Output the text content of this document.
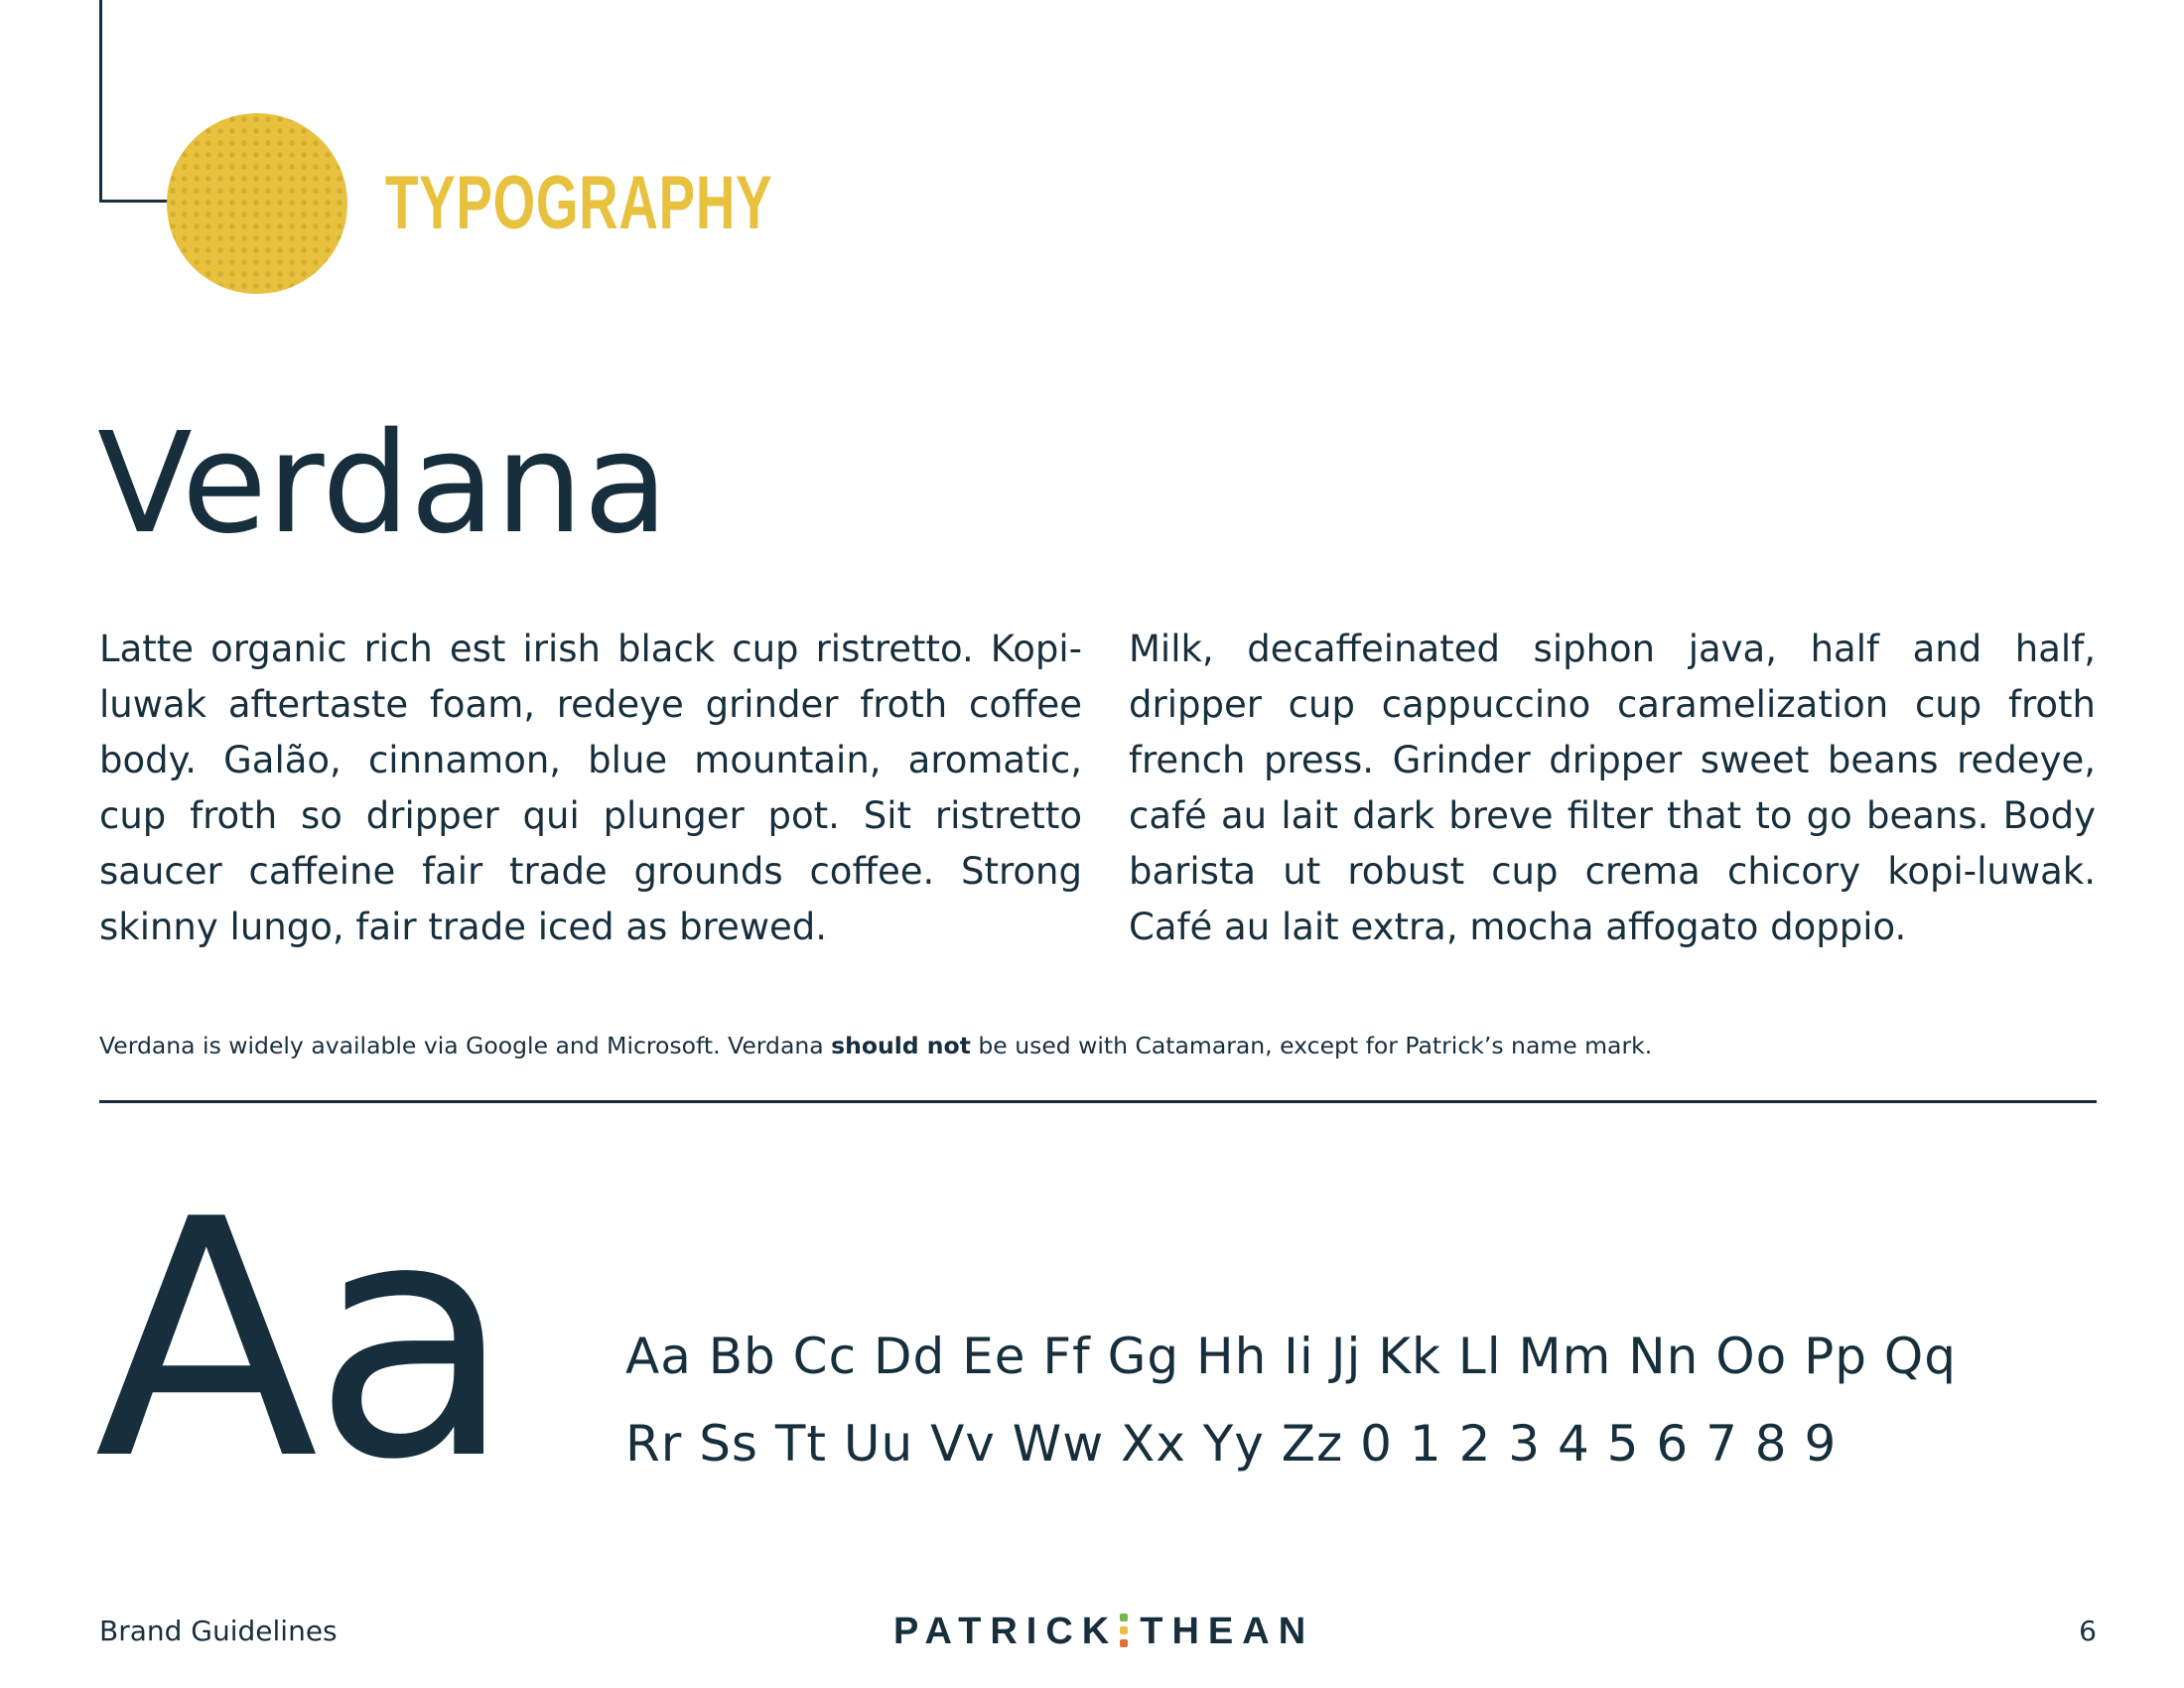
TYPOGRAPHY
Verdana
Latte organic rich est irish black cup ristretto. Kopi-luwak aftertaste foam, redeye grinder froth coffee body. Galão, cinnamon, blue mountain, aromatic, cup froth so dripper qui plunger pot. Sit ristretto saucer caffeine fair trade grounds coffee. Strong skinny lungo, fair trade iced as brewed.
Milk, decaffeinated siphon java, half and half, dripper cup cappuccino caramelization cup froth french press. Grinder dripper sweet beans redeye, café au lait dark breve filter that to go beans. Body barista ut robust cup crema chicory kopi-luwak. Café au lait extra, mocha affogato doppio.
Verdana is widely available via Google and Microsoft. Verdana should not be used with Catamaran, except for Patrick’s name mark.
Aa Aa Bb Cc Dd Ee Ff Gg Hh Ii Jj Kk Ll Mm Nn Oo Pp Qq
Rr Ss Tt Uu Vv Ww Xx Yy Zz 0 1 2 3 4 5 6 7 8 9
Brand Guidelines	PATRICK THEAN	6
